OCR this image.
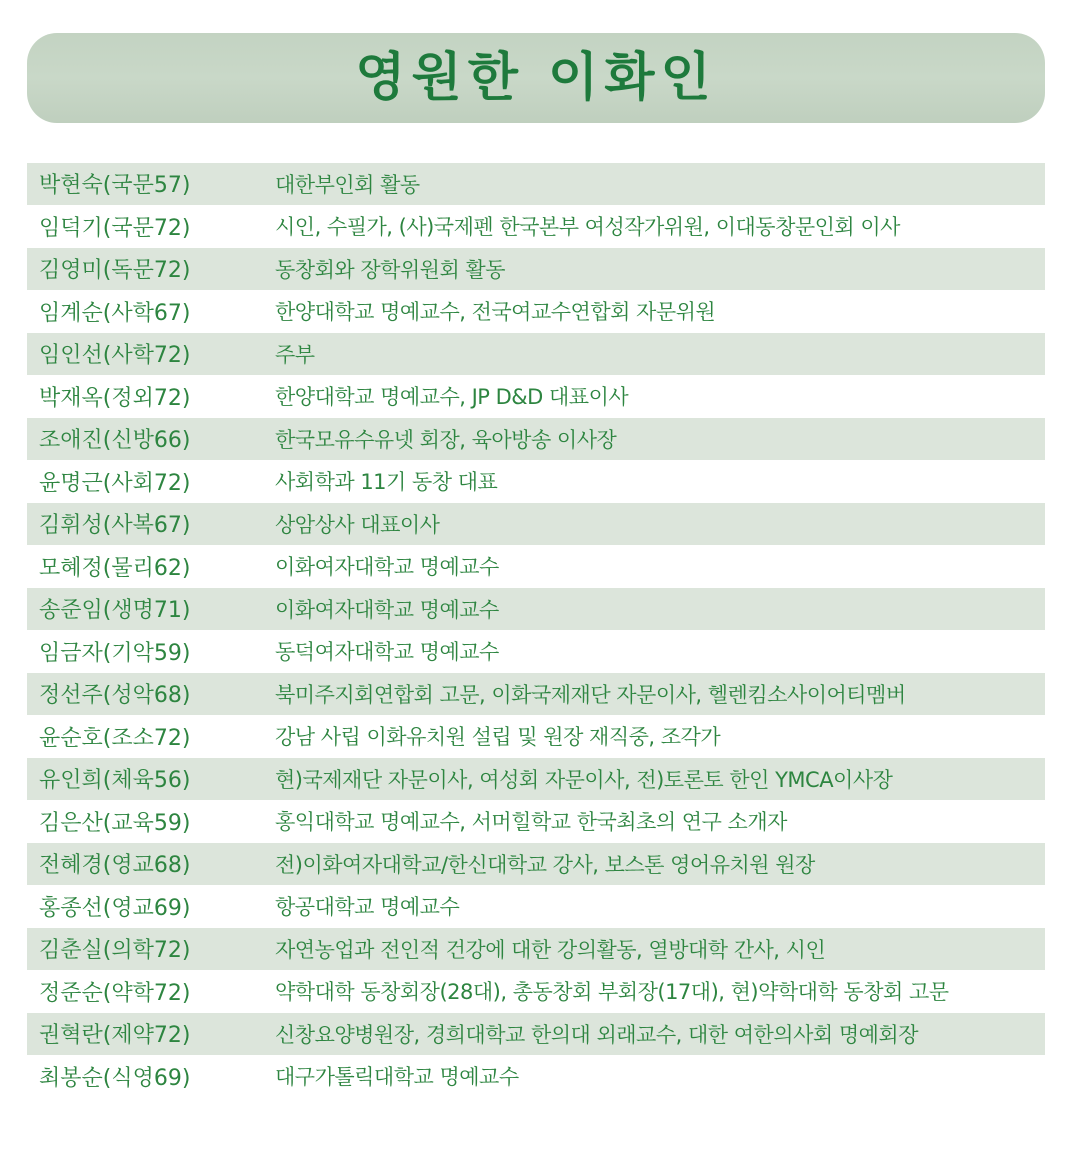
영원한 이화인
박현숙(국문57)	대한부인회 활동
임덕기(국문72)	시인, 수필가, (사)국제펜 한국본부 여성작가위원, 이대동창문인회 이사
김영미(독문72)	동창회와 장학위원회 활동
임계순(사학67)	한양대학교 명예교수, 전국여교수연합회 자문위원
임인선(사학72)	주부
박재옥(정외72)	한양대학교 명예교수, JP D&D 대표이사
조애진(신방66)	한국모유수유넷 회장, 육아방송 이사장
윤명근(사회72)	사회학과 11기 동창 대표
김휘성(사복67)	상암상사 대표이사
모혜정(물리62)	이화여자대학교 명예교수
송준임(생명71)	이화여자대학교 명예교수
임금자(기악59)	동덕여자대학교 명예교수
정선주(성악68)	북미주지회연합회 고문, 이화국제재단 자문이사, 헬렌킴소사이어티멤버
윤순호(조소72)	강남 사립 이화유치원 설립 및 원장 재직중, 조각가
유인희(체육56)	현)국제재단 자문이사, 여성회 자문이사, 전)토론토 한인 YMCA이사장
김은산(교육59)	홍익대학교 명예교수, 서머힐학교 한국최초의 연구 소개자
전혜경(영교68)	전)이화여자대학교/한신대학교 강사, 보스톤 영어유치원 원장
홍종선(영교69)	항공대학교 명예교수
김춘실(의학72)	자연농업과 전인적 건강에 대한 강의활동, 열방대학 간사, 시인
정준순(약학72)	약학대학 동창회장(28대), 총동창회 부회장(17대), 현)약학대학 동창회 고문
권혁란(제약72)	신창요양병원장, 경희대학교 한의대 외래교수, 대한 여한의사회 명예회장
최봉순(식영69)	대구가톨릭대학교 명예교수
